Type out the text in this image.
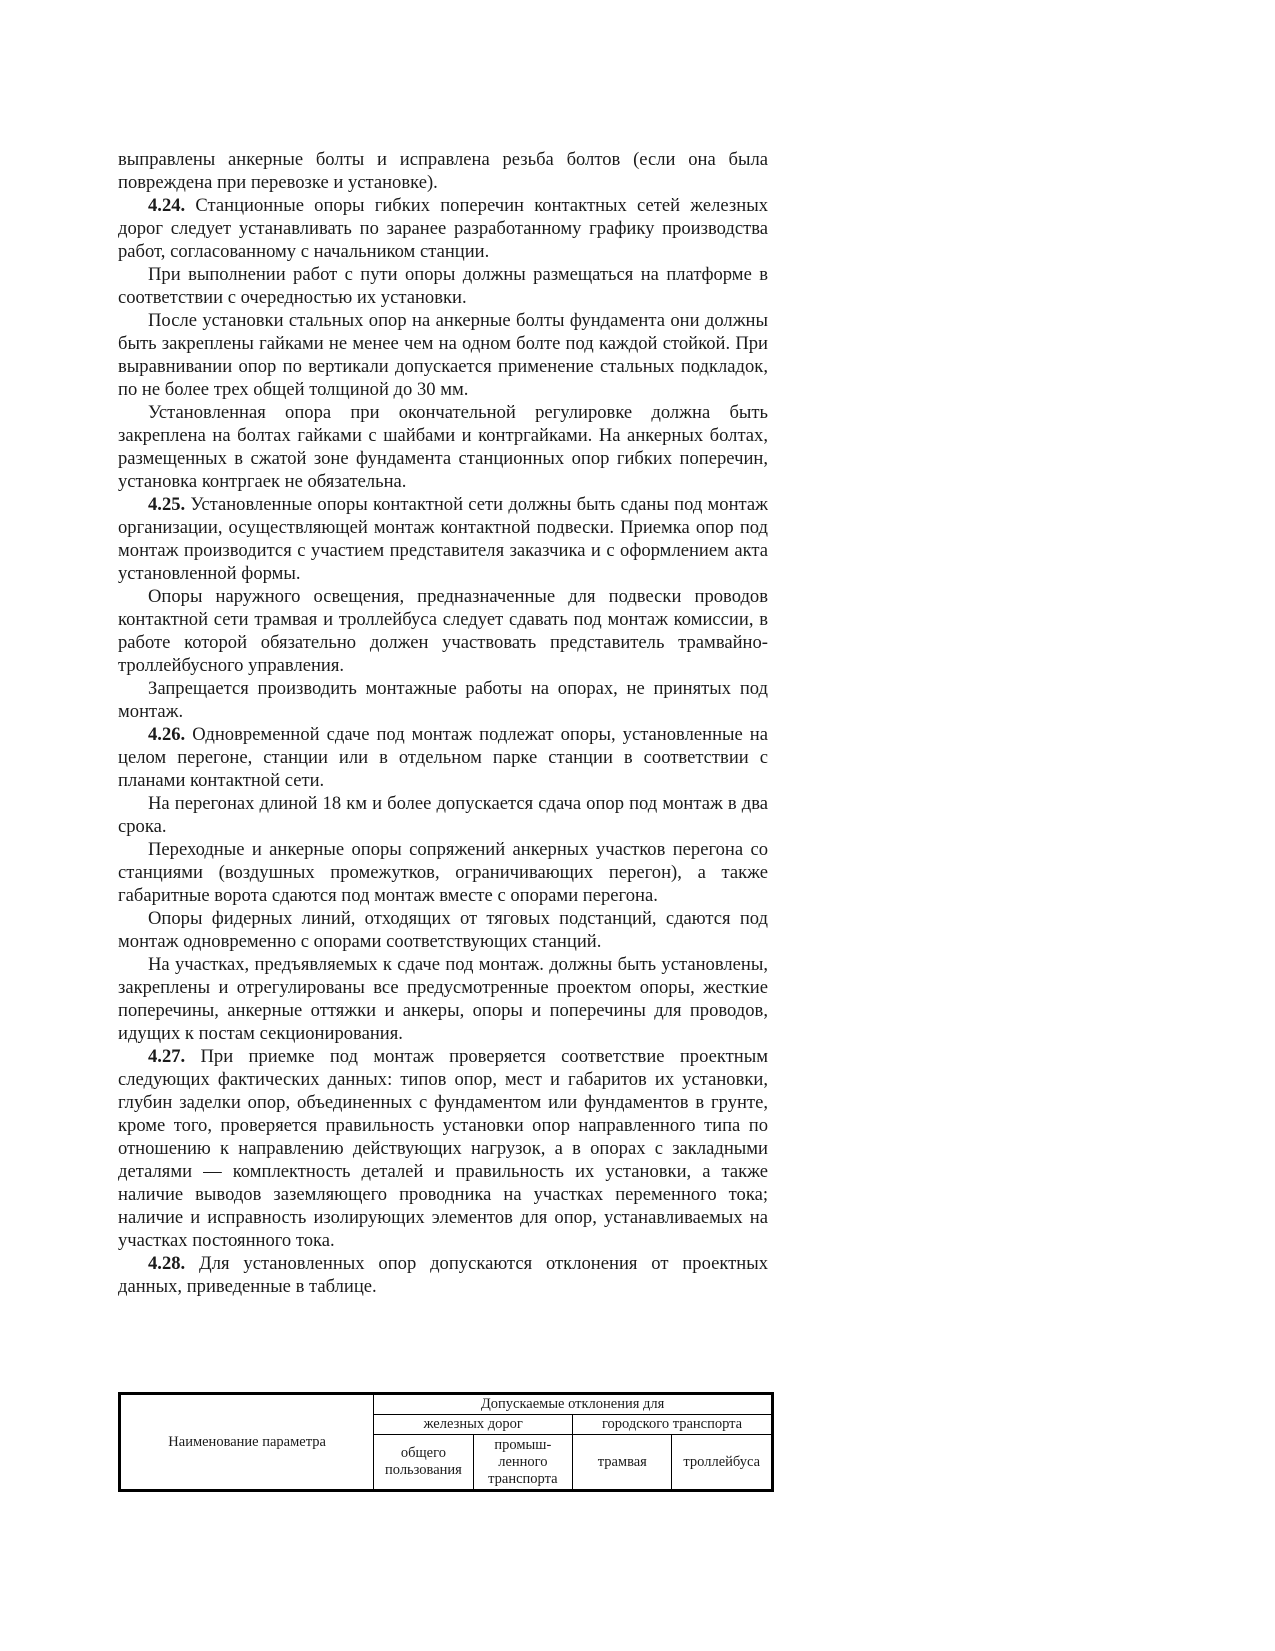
выправлены анкерные болты и исправлена резьба болтов (если она была повреждена при перевозке и установке).

4.24. Станционные опоры гибких поперечин контактных сетей железных дорог следует устанавливать по заранее разработанному графику производства работ, согласованному с начальником станции.

При выполнении работ с пути опоры должны размещаться на платформе в соответствии с очередностью их установки.

После установки стальных опор на анкерные болты фундамента они должны быть закреплены гайками не менее чем на одном болте под каждой стойкой. При выравнивании опор по вертикали допускается применение стальных подкладок, по не более трех общей толщиной до 30 мм.

Установленная опора при окончательной регулировке должна быть закреплена на болтах гайками с шайбами и контргайками. На анкерных болтах, размещенных в сжатой зоне фундамента станционных опор гибких поперечин, установка контргаек не обязательна.

4.25. Установленные опоры контактной сети должны быть сданы под монтаж организации, осуществляющей монтаж контактной подвески. Приемка опор под монтаж производится с участием представителя заказчика и с оформлением акта установленной формы.

Опоры наружного освещения, предназначенные для подвески проводов контактной сети трамвая и троллейбуса следует сдавать под монтаж комиссии, в работе которой обязательно должен участвовать представитель трамвайно-троллейбусного управления.

Запрещается производить монтажные работы на опорах, не принятых под монтаж.

4.26. Одновременной сдаче под монтаж подлежат опоры, установленные на целом перегоне, станции или в отдельном парке станции в соответствии с планами контактной сети.

На перегонах длиной 18 км и более допускается сдача опор под монтаж в два срока.

Переходные и анкерные опоры сопряжений анкерных участков перегона со станциями (воздушных промежутков, ограничивающих перегон), а также габаритные ворота сдаются под монтаж вместе с опорами перегона.

Опоры фидерных линий, отходящих от тяговых подстанций, сдаются под монтаж одновременно с опорами соответствующих станций.

На участках, предъявляемых к сдаче под монтаж. должны быть установлены, закреплены и отрегулированы все предусмотренные проектом опоры, жесткие поперечины, анкерные оттяжки и анкеры, опоры и поперечины для проводов, идущих к постам секционирования.

4.27. При приемке под монтаж проверяется соответствие проектным следующих фактических данных: типов опор, мест и габаритов их установки, глубин заделки опор, объединенных с фундаментом или фундаментов в грунте, кроме того, проверяется правильность установки опор направленного типа по отношению к направлению действующих нагрузок, а в опорах с закладными деталями — комплектность деталей и правильность их установки, а также наличие выводов заземляющего проводника на участках переменного тока; наличие и исправность изолирующих элементов для опор, устанавливаемых на участках постоянного тока.

4.28. Для установленных опор допускаются отклонения от проектных данных, приведенные в таблице.

Наименование параметра	Допускаемые отклонения для			
	железных дорог		городского транспорта	
	общего пользования	промыш-ленного транспорта	трамвая	троллейбуса
